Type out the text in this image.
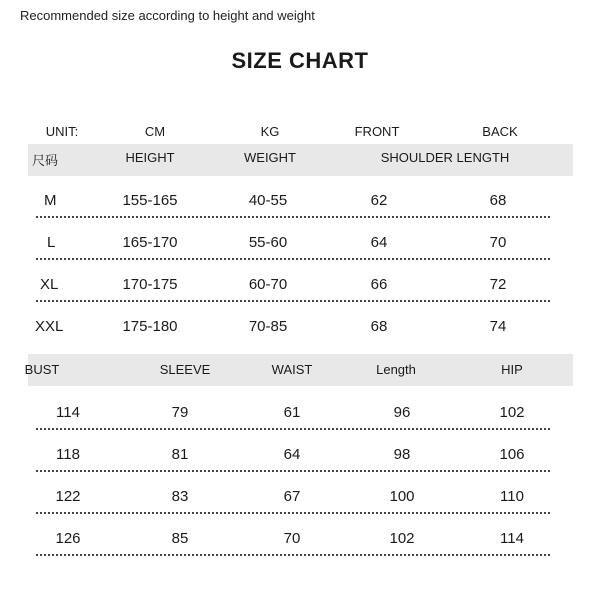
Recommended size according to height and weight
SIZE CHART
UNIT:	CM	KG	FRONT	BACK
尺码	HEIGHT	WEIGHT	SHOULDER LENGTH
M	155-165	40-55	62	68
L	165-170	55-60	64	70
XL	170-175	60-70	66	72
XXL	175-180	70-85	68	74
BUST	SLEEVE	WAIST	Length	HIP
114	79	61	96	102
118	81	64	98	106
122	83	67	100	110
126	85	70	102	114
